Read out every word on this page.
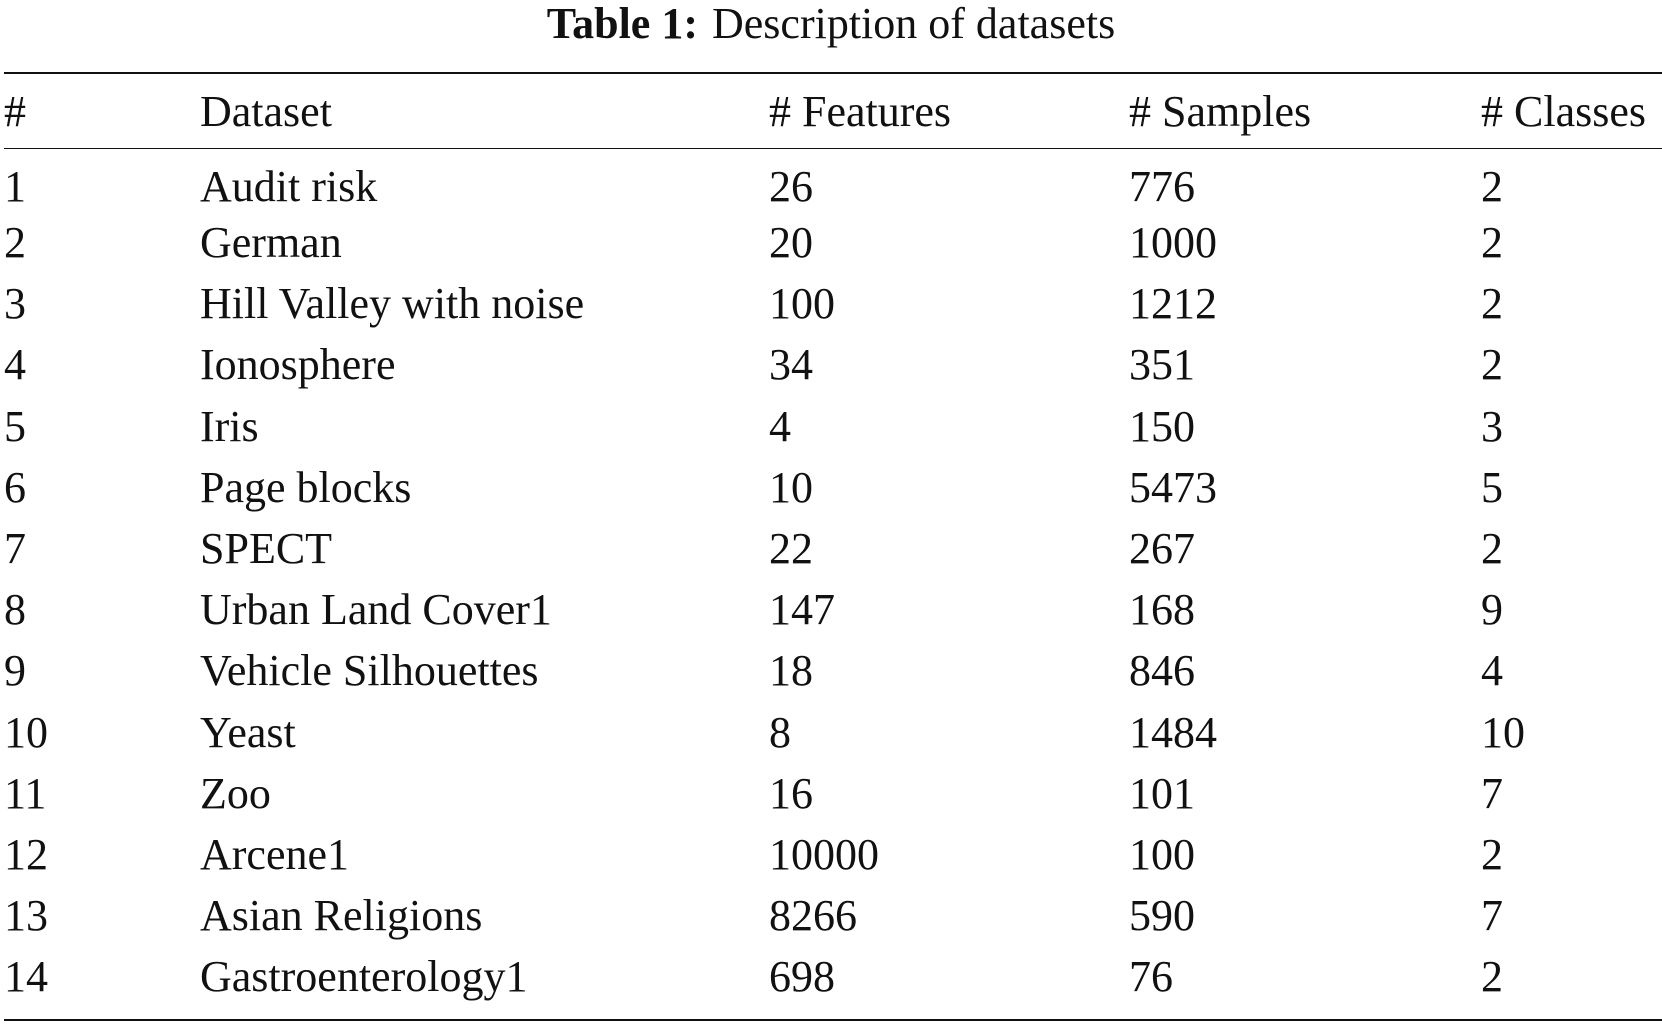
Table 1: Description of datasets
#	Dataset	# Features	# Samples	# Classes
1	Audit risk	26	776	2
2	German	20	1000	2
3	Hill Valley with noise	100	1212	2
4	Ionosphere	34	351	2
5	Iris	4	150	3
6	Page blocks	10	5473	5
7	SPECT	22	267	2
8	Urban Land Cover1	147	168	9
9	Vehicle Silhouettes	18	846	4
10	Yeast	8	1484	10
11	Zoo	16	101	7
12	Arcene1	10000	100	2
13	Asian Religions	8266	590	7
14	Gastroenterology1	698	76	2
